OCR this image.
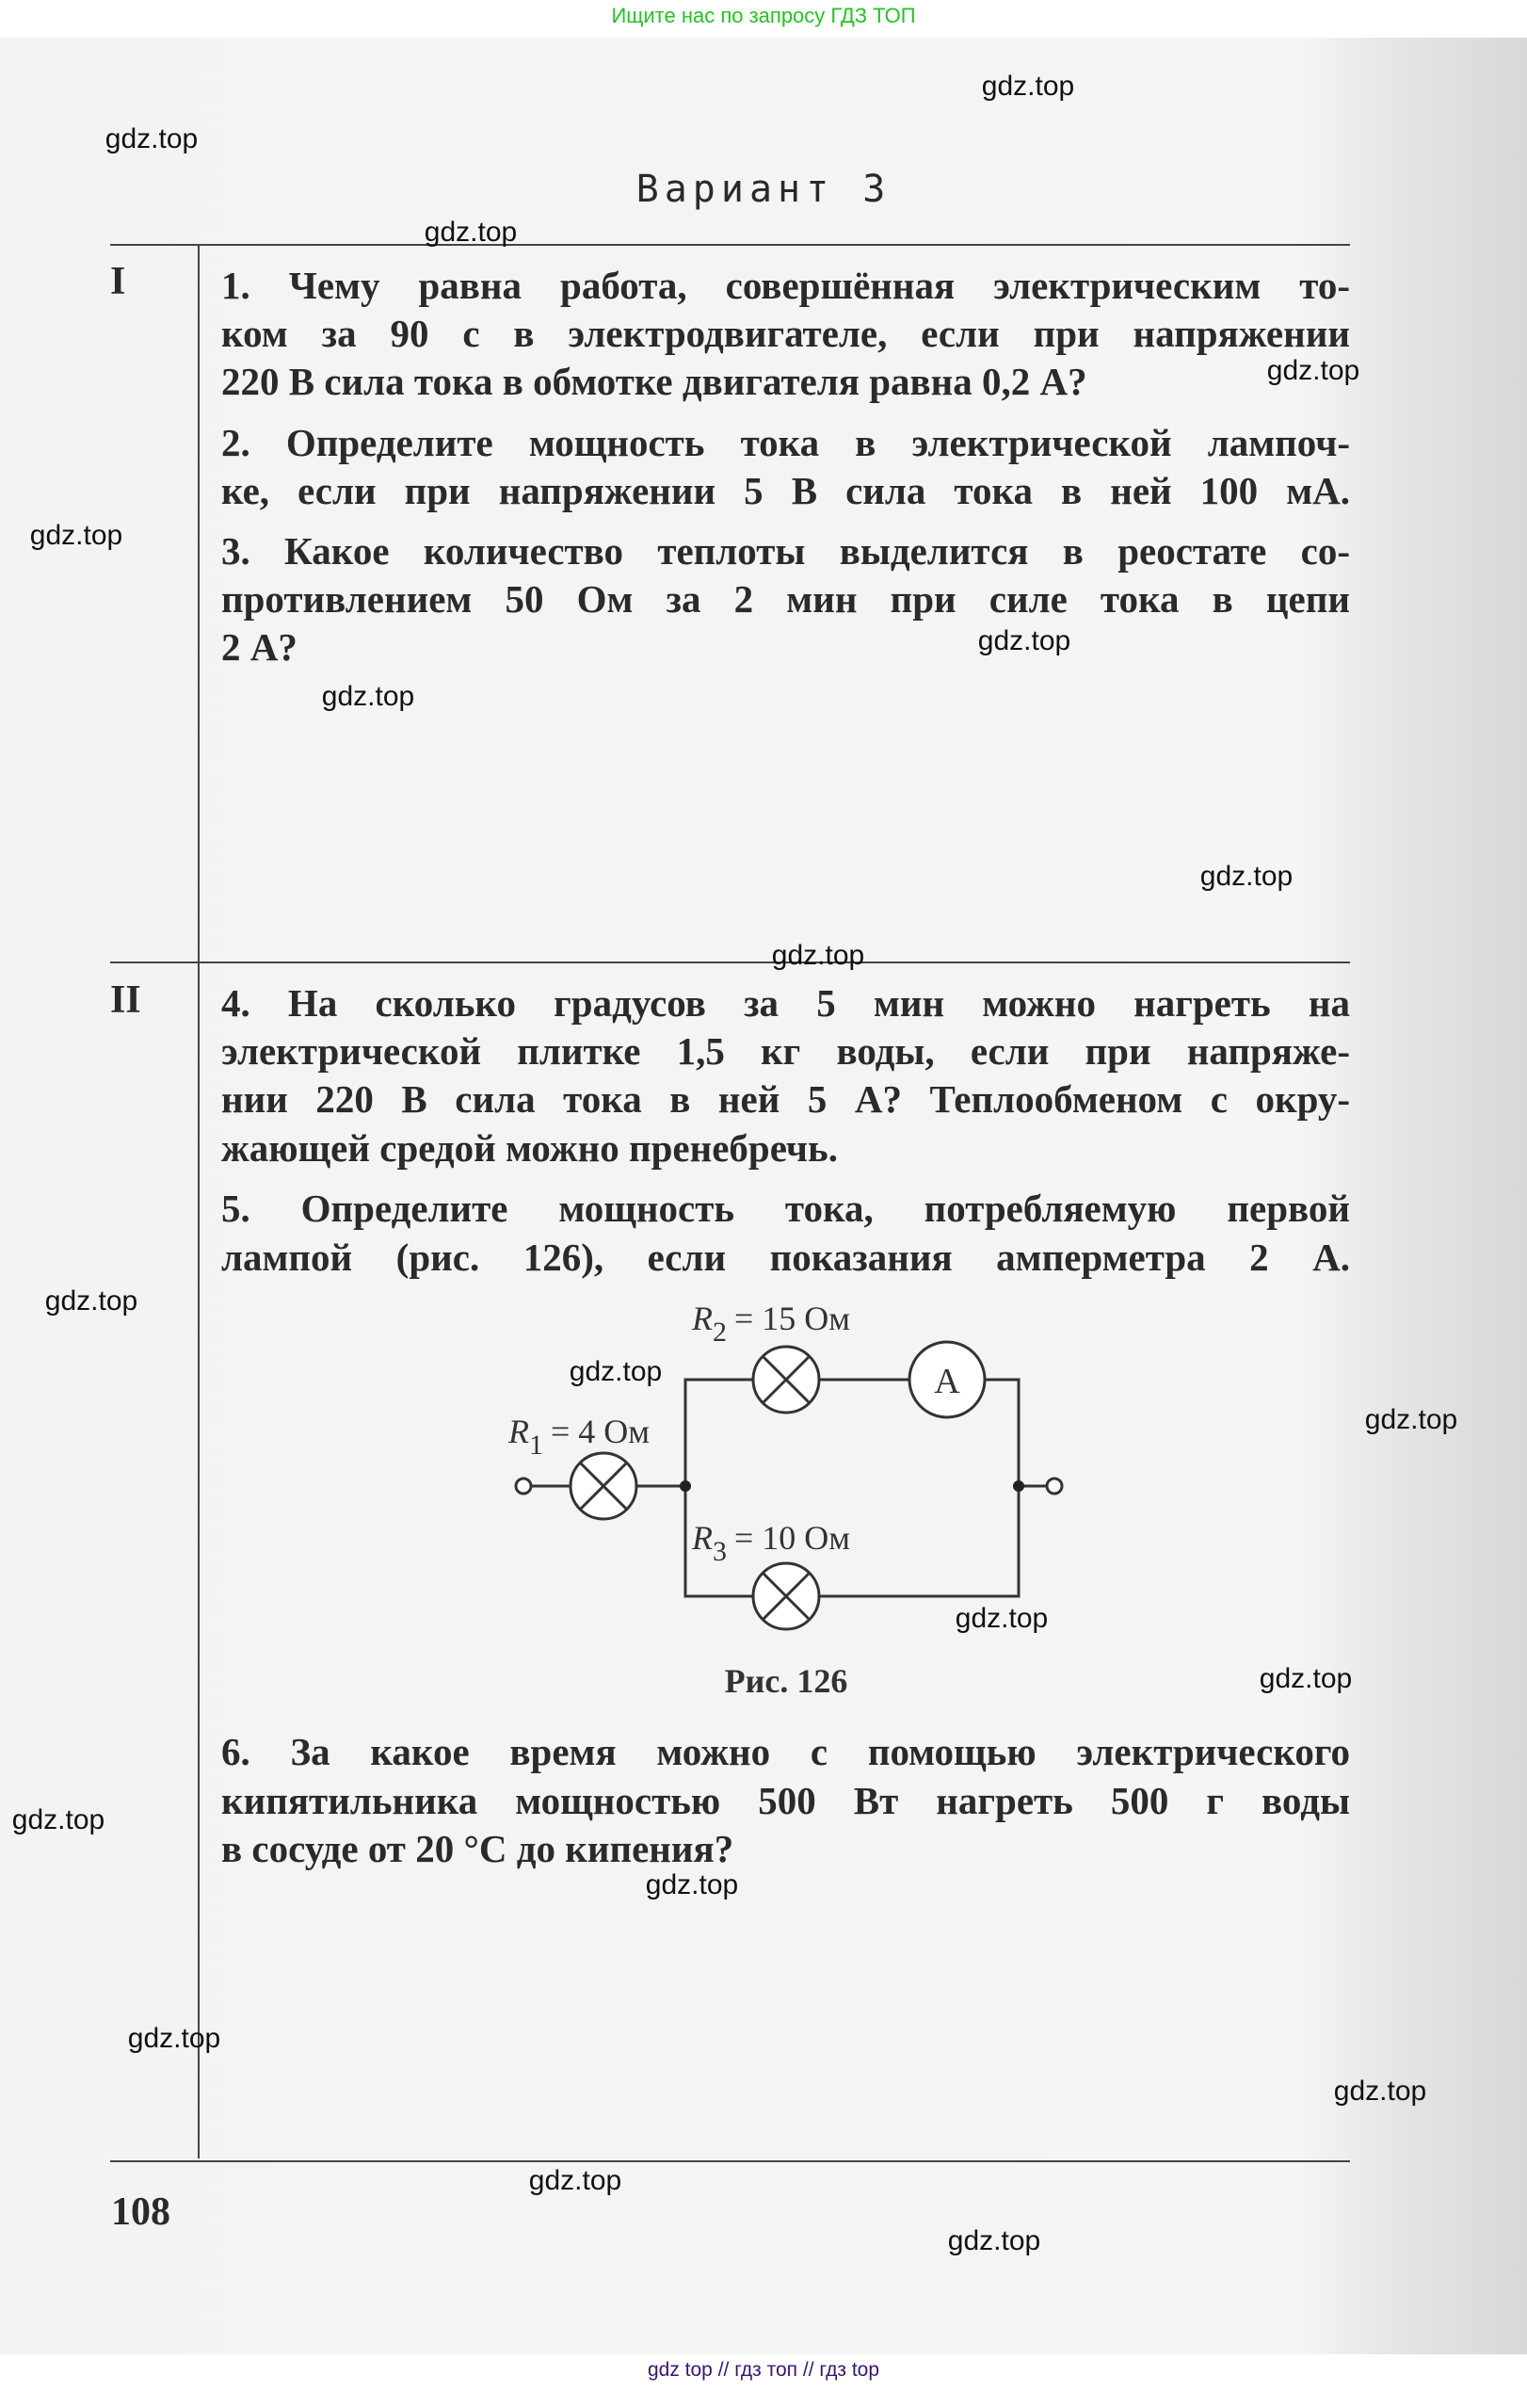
Ищите нас по запросу ГДЗ ТОП
Вариант 3
I 1. Чему равна работа, совершённая электрическим то-
ком за 90 с в электродвигателе, если при напряжении
220 В сила тока в обмотке двигателя равна 0,2 А?
2. Определите мощность тока в электрической лампоч-
ке, если при напряжении 5 В сила тока в ней 100 мА.
3. Какое количество теплоты выделится в реостате со-
противлением 50 Ом за 2 мин при силе тока в цепи
2 А?
II 4. На сколько градусов за 5 мин можно нагреть на
электрической плитке 1,5 кг воды, если при напряже-
нии 220 В сила тока в ней 5 А? Теплообменом с окру-
жающей средой можно пренебречь.
5. Определите мощность тока, потребляемую первой
лампой (рис. 126), если показания амперметра 2 А.
6. За какое время можно с помощью электрического
кипятильника мощностью 500 Вт нагреть 500 г воды
в сосуде от 20 °С до кипения?
A
$R_1 = 4$ Ом
$R_2 = 15$ Ом
$R_3 = 10$ Ом
Рис. 126
108
gdz.top
gdz.top
gdz.top
gdz.top
gdz.top
gdz.top
gdz.top
gdz.top
gdz.top
gdz.top
gdz.top
gdz.top
gdz.top
gdz.top
gdz.top
gdz.top
gdz.top
gdz.top
gdz.top
gdz.top
gdz top // гдз топ // гдз top
